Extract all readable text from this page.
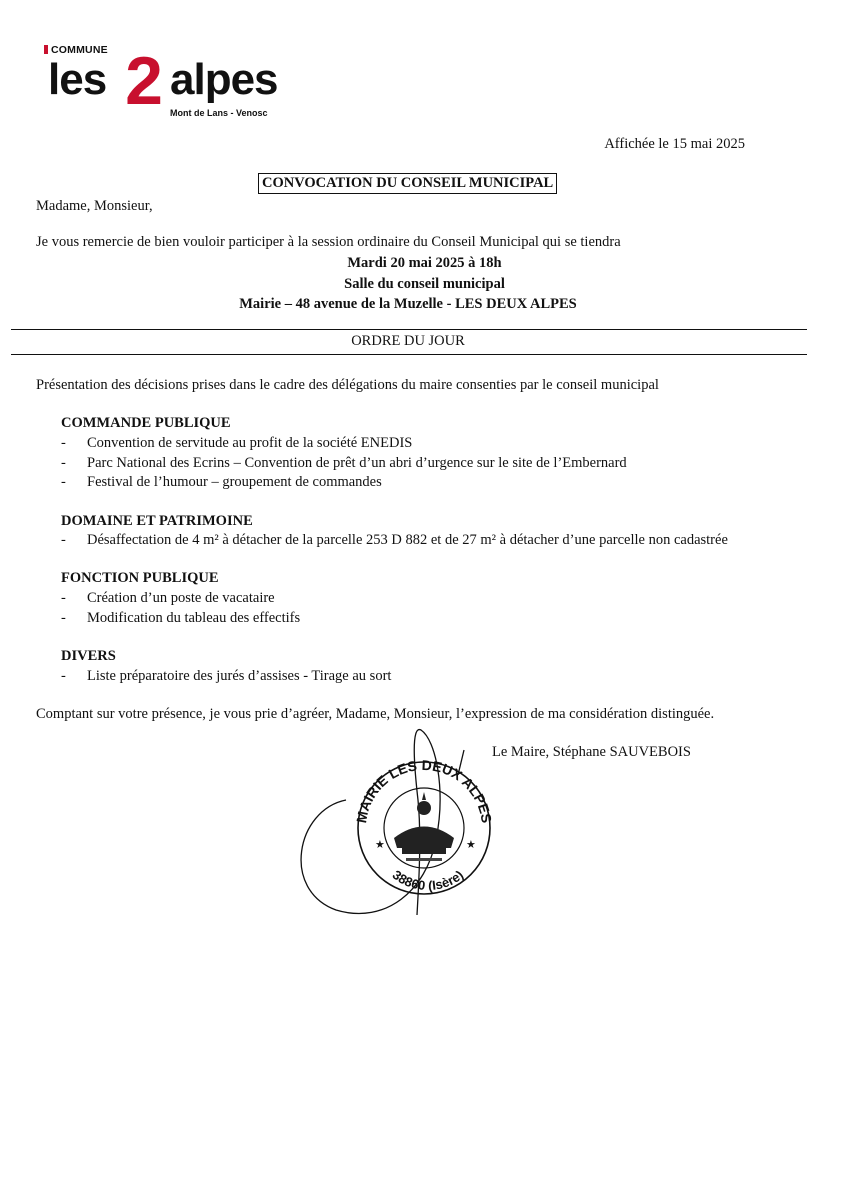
COMMUNE
les 2 alpes
Mont de Lans - Venosc
Affichée le 15 mai 2025
CONVOCATION DU CONSEIL MUNICIPAL
Madame, Monsieur,
Je vous remercie de bien vouloir participer à la session ordinaire du Conseil Municipal qui se tiendra
Mardi 20 mai 2025 à 18h
Salle du conseil municipal
Mairie – 48 avenue de la Muzelle - LES DEUX ALPES
ORDRE DU JOUR
Présentation des décisions prises dans le cadre des délégations du maire consenties par le conseil municipal
COMMANDE PUBLIQUE
- Convention de servitude au profit de la société ENEDIS
- Parc National des Ecrins – Convention de prêt d’un abri d’urgence sur le site de l’Embernard
- Festival de l’humour – groupement de commandes
DOMAINE ET PATRIMOINE
- Désaffectation de 4 m² à détacher de la parcelle 253 D 882 et de 27 m² à détacher d’une parcelle non cadastrée
FONCTION PUBLIQUE
- Création d’un poste de vacataire
- Modification du tableau des effectifs
DIVERS
- Liste préparatoire des jurés d’assises - Tirage au sort
Comptant sur votre présence, je vous prie d’agréer, Madame, Monsieur, l’expression de ma considération distinguée.
Le Maire, Stéphane SAUVEBOIS
MAIRIE LES DEUX ALPES
38860 (Isère)
★	★
